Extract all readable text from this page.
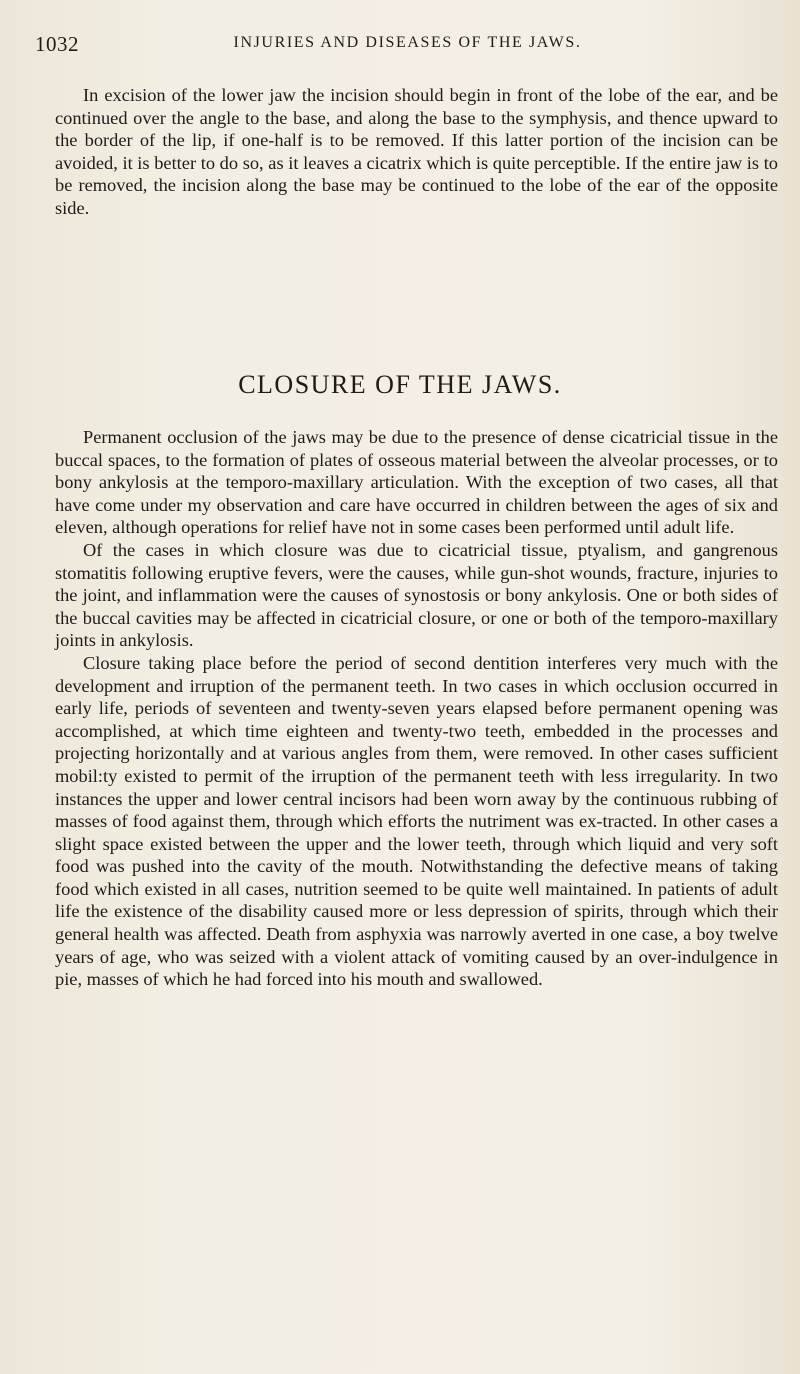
1032	INJURIES AND DISEASES OF THE JAWS.

In excision of the lower jaw the incision should begin in front of the lobe of the ear, and be continued over the angle to the base, and along the base to the symphysis, and thence upward to the border of the lip, if one-half is to be removed. If this latter portion of the incision can be avoided, it is better to do so, as it leaves a cicatrix which is quite perceptible. If the entire jaw is to be removed, the incision along the base may be continued to the lobe of the ear of the opposite side.

CLOSURE OF THE JAWS.

Permanent occlusion of the jaws may be due to the presence of dense cicatricial tissue in the buccal spaces, to the formation of plates of osseous material between the alveolar processes, or to bony ankylosis at the temporo-maxillary articulation. With the exception of two cases, all that have come under my observation and care have occurred in children between the ages of six and eleven, although operations for relief have not in some cases been performed until adult life.

Of the cases in which closure was due to cicatricial tissue, ptyalism, and gangrenous stomatitis following eruptive fevers, were the causes, while gun-shot wounds, fracture, injuries to the joint, and inflammation were the causes of synostosis or bony ankylosis. One or both sides of the buccal cavities may be affected in cicatricial closure, or one or both of the temporo-maxillary joints in ankylosis.

Closure taking place before the period of second dentition interferes very much with the development and irruption of the permanent teeth. In two cases in which occlusion occurred in early life, periods of seventeen and twenty-seven years elapsed before permanent opening was accomplished, at which time eighteen and twenty-two teeth, embedded in the processes and projecting horizontally and at various angles from them, were removed. In other cases sufficient mobil:ty existed to permit of the irruption of the permanent teeth with less irregularity. In two instances the upper and lower central incisors had been worn away by the continuous rubbing of masses of food against them, through which efforts the nutriment was ex-tracted. In other cases a slight space existed between the upper and the lower teeth, through which liquid and very soft food was pushed into the cavity of the mouth. Notwithstanding the defective means of taking food which existed in all cases, nutrition seemed to be quite well maintained. In patients of adult life the existence of the disability caused more or less depression of spirits, through which their general health was affected. Death from asphyxia was narrowly averted in one case, a boy twelve years of age, who was seized with a violent attack of vomiting caused by an over-indulgence in pie, masses of which he had forced into his mouth and swallowed.
